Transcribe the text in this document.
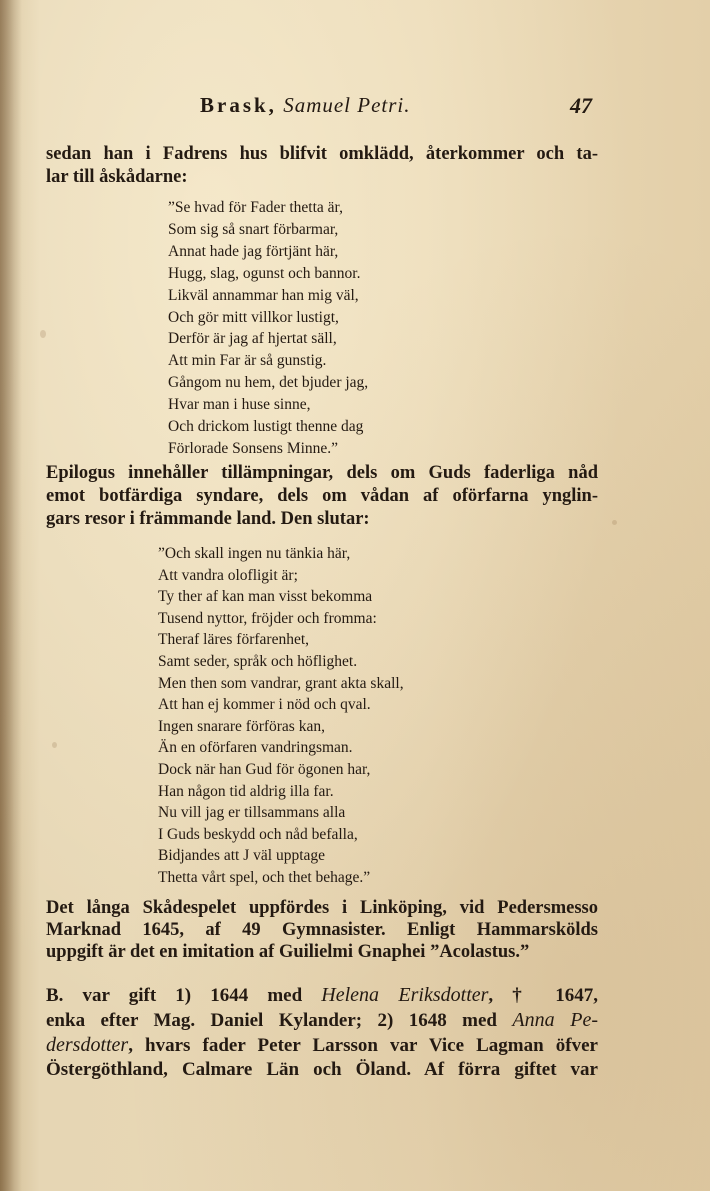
Brask, Samuel Petri.	47
sedan han i Fadrens hus blifvit omklädd, återkommer och ta-
lar till åskådarne:
”Se hvad för Fader thetta är,
Som sig så snart förbarmar,
Annat hade jag förtjänt här,
Hugg, slag, ogunst och bannor.
Likväl annammar han mig väl,
Och gör mitt villkor lustigt,
Derför är jag af hjertat säll,
Att min Far är så gunstig.
Gångom nu hem, det bjuder jag,
Hvar man i huse sinne,
Och drickom lustigt thenne dag
Förlorade Sonsens Minne.”
Epilogus innehåller tillämpningar, dels om Guds faderliga nåd
emot botfärdiga syndare, dels om vådan af oförfarna ynglin-
gars resor i främmande land. Den slutar:
”Och skall ingen nu tänkia här,
Att vandra olofligit är;
Ty ther af kan man visst bekomma
Tusend nyttor, fröjder och fromma:
Theraf läres förfarenhet,
Samt seder, språk och höflighet.
Men then som vandrar, grant akta skall,
Att han ej kommer i nöd och qval.
Ingen snarare förföras kan,
Än en oförfaren vandringsman.
Dock när han Gud för ögonen har,
Han någon tid aldrig illa far.
Nu vill jag er tillsammans alla
I Guds beskydd och nåd befalla,
Bidjandes att J väl upptage
Thetta vårt spel, och thet behage.”
Det långa Skådespelet uppfördes i Linköping, vid Pedersmesso
Marknad 1645, af 49 Gymnasister. Enligt Hammarskölds
uppgift är det en imitation af Guilielmi Gnaphei ”Acolastus.”
B. var gift 1) 1644 med Helena Eriksdotter, † 1647,
enka efter Mag. Daniel Kylander; 2) 1648 med Anna Pe-
dersdotter, hvars fader Peter Larsson var Vice Lagman öfver
Östergöthland, Calmare Län och Öland. Af förra giftet var
